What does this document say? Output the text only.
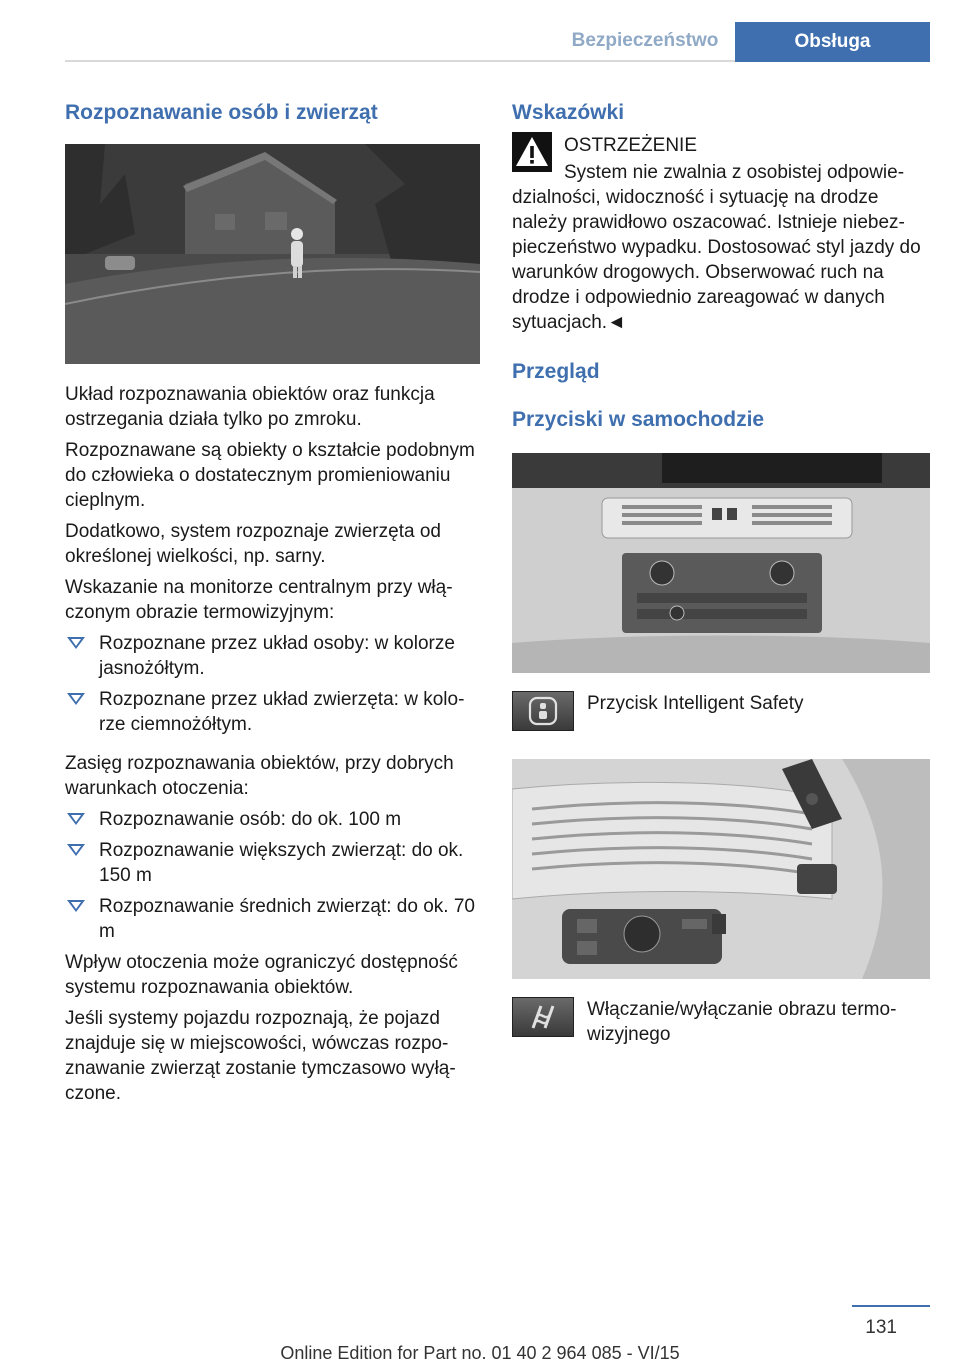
Bezpieczeństwo	Obsługa
Rozpoznawanie osób i zwierząt

Układ rozpoznawania obiektów oraz funkcja ostrzegania działa tylko po zmroku.

Rozpoznawane są obiekty o kształcie podobnym do człowieka o dostatecznym promieniowaniu cieplnym.

Dodatkowo, system rozpoznaje zwierzęta od określonej wielkości, np. sarny.

Wskazanie na monitorze centralnym przy włączonym obrazie termowizyjnym:

Rozpoznane przez układ osoby: w kolorze jasnożółtym.
Rozpoznane przez układ zwierzęta: w kolorze ciemnożółtym.

Zasięg rozpoznawania obiektów, przy dobrych warunkach otoczenia:

Rozpoznawanie osób: do ok. 100 m
Rozpoznawanie większych zwierząt: do ok. 150 m
Rozpoznawanie średnich zwierząt: do ok. 70 m

Wpływ otoczenia może ograniczyć dostępność systemu rozpoznawania obiektów.

Jeśli systemy pojazdu rozpoznają, że pojazd znajduje się w miejscowości, wówczas rozpoznawanie zwierząt zostanie tymczasowo wyłączone.

Wskazówki
OSTRZEŻENIE
System nie zwalnia z osobistej odpowiedzialności, widoczność i sytuację na drodze należy prawidłowo oszacować. Istnieje niebezpieczeństwo wypadku. Dostosować styl jazdy do warunków drogowych. Obserwować ruch na drodze i odpowiednio zareagować w danych sytuacjach.◄
Przegląd
Przyciski w samochodzie
Przycisk Intelligent Safety
Włączanie/wyłączanie obrazu termowizyjnego
131
Online Edition for Part no. 01 40 2 964 085 - VI/15
